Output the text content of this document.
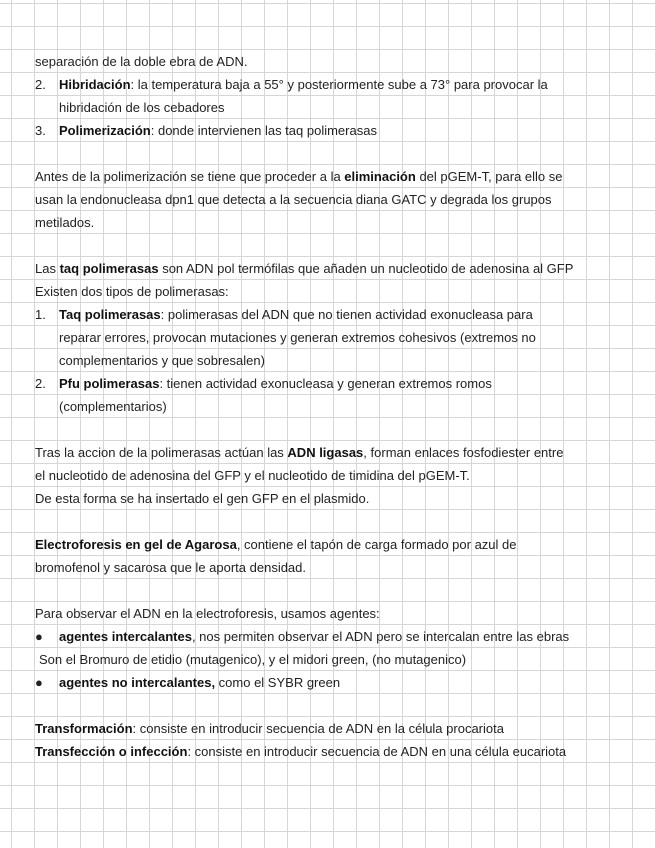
separación de la doble ebra de ADN.
2. Hibridación: la temperatura baja a 55° y posteriormente sube a 73° para provocar la
hibridación de los cebadores
3. Polimerización: donde intervienen las taq polimerasas
Antes de la polimerización se tiene que proceder a la eliminación del pGEM-T, para ello se
usan la endonucleasa dpn1 que detecta a la secuencia diana GATC y degrada los grupos
metilados.
Las taq polimerasas son ADN pol termófilas que añaden un nucleotido de adenosina al GFP
Existen dos tipos de polimerasas:
1. Taq polimerasas: polimerasas del ADN que no tienen actividad exonucleasa para
reparar errores, provocan mutaciones y generan extremos cohesivos (extremos no
complementarios y que sobresalen)
2. Pfu polimerasas: tienen actividad exonucleasa y generan extremos romos
(complementarios)
Tras la accion de la polimerasas actúan las ADN ligasas, forman enlaces fosfodiester entre
el nucleotido de adenosina del GFP y el nucleotido de timidina del pGEM-T.
De esta forma se ha insertado el gen GFP en el plasmido.
Electroforesis en gel de Agarosa, contiene el tapón de carga formado por azul de
bromofenol y sacarosa que le aporta densidad.
Para observar el ADN en la electroforesis, usamos agentes:
● agentes intercalantes, nos permiten observar el ADN pero se intercalan entre las ebras
Son el Bromuro de etidio (mutagenico), y el midori green, (no mutagenico)
● agentes no intercalantes, como el SYBR green
Transformación: consiste en introducir secuencia de ADN en la célula procariota
Transfección o infección: consiste en introducir secuencia de ADN en una célula eucariota
